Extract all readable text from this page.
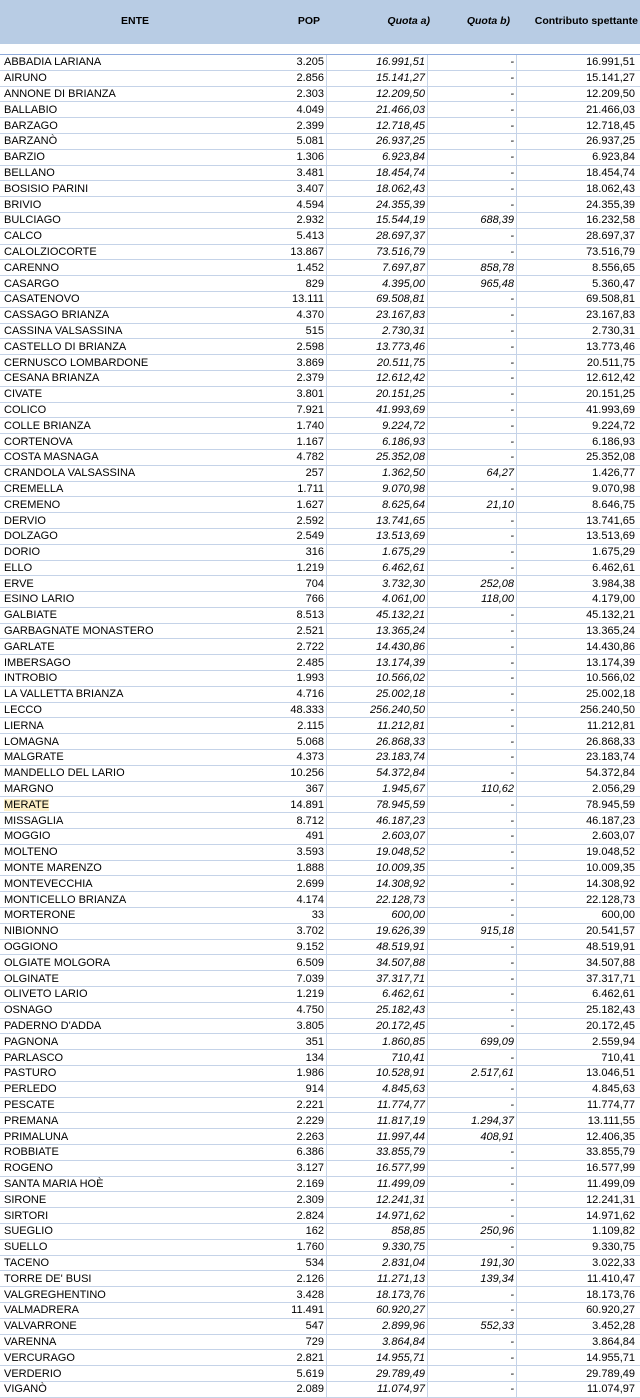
ENTE	POP	Quota a)	Quota b)	Contributo spettante
ABBADIA LARIANA	3.205	16.991,51	-	16.991,51
AIRUNO	2.856	15.141,27	-	15.141,27
ANNONE DI BRIANZA	2.303	12.209,50	-	12.209,50
BALLABIO	4.049	21.466,03	-	21.466,03
BARZAGO	2.399	12.718,45	-	12.718,45
BARZANÒ	5.081	26.937,25	-	26.937,25
BARZIO	1.306	6.923,84	-	6.923,84
BELLANO	3.481	18.454,74	-	18.454,74
BOSISIO PARINI	3.407	18.062,43	-	18.062,43
BRIVIO	4.594	24.355,39	-	24.355,39
BULCIAGO	2.932	15.544,19	688,39	16.232,58
CALCO	5.413	28.697,37	-	28.697,37
CALOLZIOCORTE	13.867	73.516,79	-	73.516,79
CARENNO	1.452	7.697,87	858,78	8.556,65
CASARGO	829	4.395,00	965,48	5.360,47
CASATENOVO	13.111	69.508,81	-	69.508,81
CASSAGO BRIANZA	4.370	23.167,83	-	23.167,83
CASSINA VALSASSINA	515	2.730,31	-	2.730,31
CASTELLO DI BRIANZA	2.598	13.773,46	-	13.773,46
CERNUSCO LOMBARDONE	3.869	20.511,75	-	20.511,75
CESANA BRIANZA	2.379	12.612,42	-	12.612,42
CIVATE	3.801	20.151,25	-	20.151,25
COLICO	7.921	41.993,69	-	41.993,69
COLLE BRIANZA	1.740	9.224,72	-	9.224,72
CORTENOVA	1.167	6.186,93	-	6.186,93
COSTA MASNAGA	4.782	25.352,08	-	25.352,08
CRANDOLA VALSASSINA	257	1.362,50	64,27	1.426,77
CREMELLA	1.711	9.070,98	-	9.070,98
CREMENO	1.627	8.625,64	21,10	8.646,75
DERVIO	2.592	13.741,65	-	13.741,65
DOLZAGO	2.549	13.513,69	-	13.513,69
DORIO	316	1.675,29	-	1.675,29
ELLO	1.219	6.462,61	-	6.462,61
ERVE	704	3.732,30	252,08	3.984,38
ESINO LARIO	766	4.061,00	118,00	4.179,00
GALBIATE	8.513	45.132,21	-	45.132,21
GARBAGNATE MONASTERO	2.521	13.365,24	-	13.365,24
GARLATE	2.722	14.430,86	-	14.430,86
IMBERSAGO	2.485	13.174,39	-	13.174,39
INTROBIO	1.993	10.566,02	-	10.566,02
LA VALLETTA BRIANZA	4.716	25.002,18	-	25.002,18
LECCO	48.333	256.240,50	-	256.240,50
LIERNA	2.115	11.212,81	-	11.212,81
LOMAGNA	5.068	26.868,33	-	26.868,33
MALGRATE	4.373	23.183,74	-	23.183,74
MANDELLO DEL LARIO	10.256	54.372,84	-	54.372,84
MARGNO	367	1.945,67	110,62	2.056,29
MERATE	14.891	78.945,59	-	78.945,59
MISSAGLIA	8.712	46.187,23	-	46.187,23
MOGGIO	491	2.603,07	-	2.603,07
MOLTENO	3.593	19.048,52	-	19.048,52
MONTE MARENZO	1.888	10.009,35	-	10.009,35
MONTEVECCHIA	2.699	14.308,92	-	14.308,92
MONTICELLO BRIANZA	4.174	22.128,73	-	22.128,73
MORTERONE	33	600,00	-	600,00
NIBIONNO	3.702	19.626,39	915,18	20.541,57
OGGIONO	9.152	48.519,91	-	48.519,91
OLGIATE MOLGORA	6.509	34.507,88	-	34.507,88
OLGINATE	7.039	37.317,71	-	37.317,71
OLIVETO LARIO	1.219	6.462,61	-	6.462,61
OSNAGO	4.750	25.182,43	-	25.182,43
PADERNO D'ADDA	3.805	20.172,45	-	20.172,45
PAGNONA	351	1.860,85	699,09	2.559,94
PARLASCO	134	710,41	-	710,41
PASTURO	1.986	10.528,91	2.517,61	13.046,51
PERLEDO	914	4.845,63	-	4.845,63
PESCATE	2.221	11.774,77	-	11.774,77
PREMANA	2.229	11.817,19	1.294,37	13.111,55
PRIMALUNA	2.263	11.997,44	408,91	12.406,35
ROBBIATE	6.386	33.855,79	-	33.855,79
ROGENO	3.127	16.577,99	-	16.577,99
SANTA MARIA HOÈ	2.169	11.499,09	-	11.499,09
SIRONE	2.309	12.241,31	-	12.241,31
SIRTORI	2.824	14.971,62	-	14.971,62
SUEGLIO	162	858,85	250,96	1.109,82
SUELLO	1.760	9.330,75	-	9.330,75
TACENO	534	2.831,04	191,30	3.022,33
TORRE DE' BUSI	2.126	11.271,13	139,34	11.410,47
VALGREGHENTINO	3.428	18.173,76	-	18.173,76
VALMADRERA	11.491	60.920,27	-	60.920,27
VALVARRONE	547	2.899,96	552,33	3.452,28
VARENNA	729	3.864,84	-	3.864,84
VERCURAGO	2.821	14.955,71	-	14.955,71
VERDERIO	5.619	29.789,49	-	29.789,49
VIGANÒ	2.089	11.074,97	-	11.074,97
